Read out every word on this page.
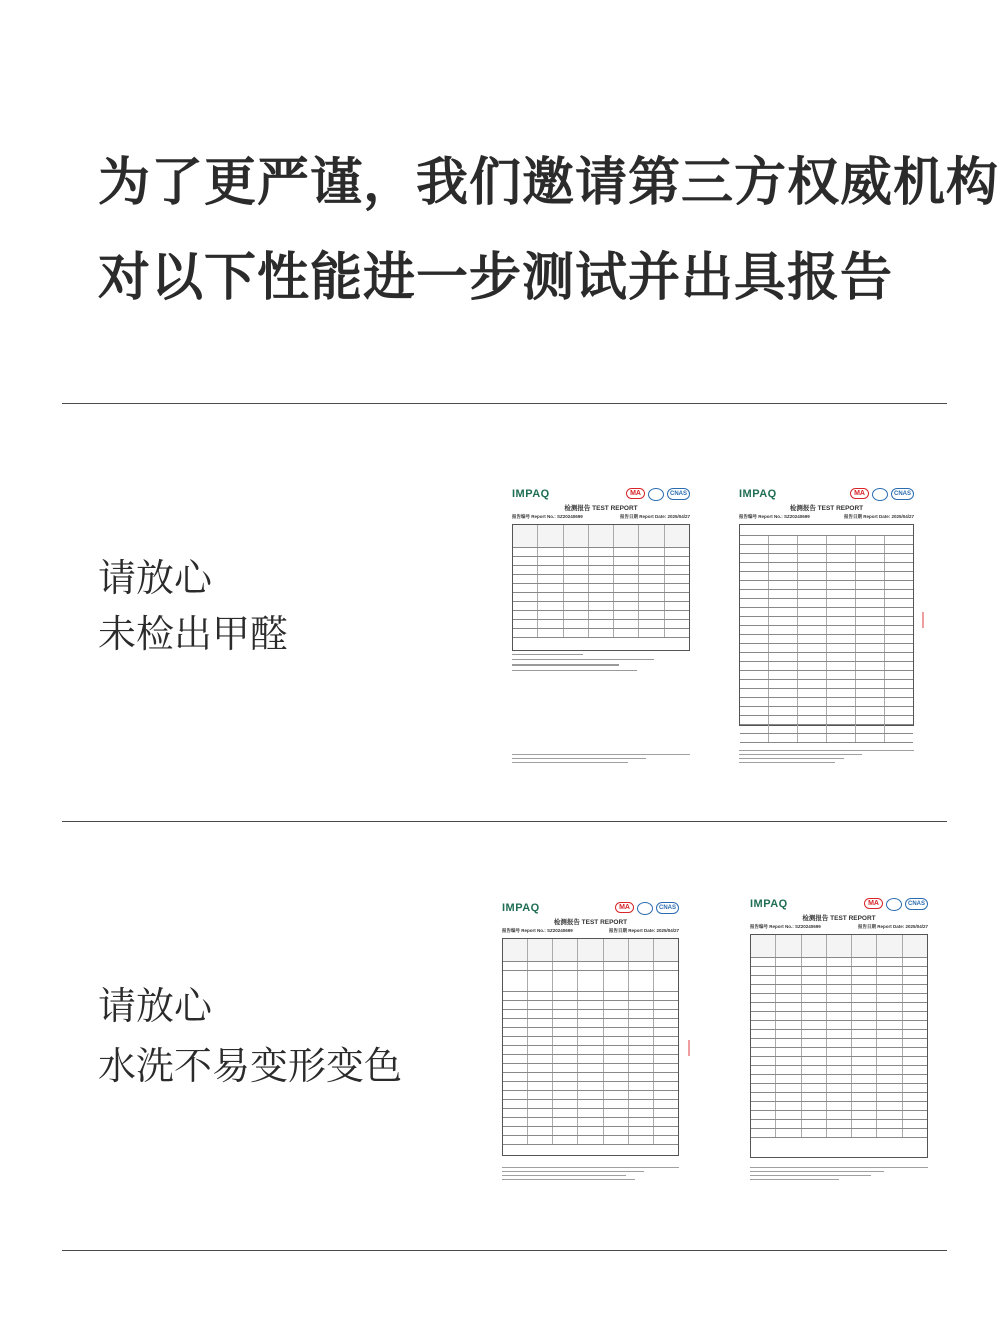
为了更严谨，我们邀请第三方权威机构
对以下性能进一步测试并出具报告
请放心
未检出甲醛
IMPAQ	MA	CNAS
检测报告 TEST REPORT
报告编号 Report No.: SZ20240699	报告日期 Report Date: 2025/04/27
IMPAQ	MA	CNAS
检测报告 TEST REPORT
报告编号 Report No.: SZ20240699	报告日期 Report Date: 2025/04/27
请放心
水洗不易变形变色
IMPAQ	MA	CNAS
检测报告 TEST REPORT
报告编号 Report No.: SZ20240699	报告日期 Report Date: 2025/04/27
IMPAQ	MA	CNAS
检测报告 TEST REPORT
报告编号 Report No.: SZ20240699	报告日期 Report Date: 2025/04/27
